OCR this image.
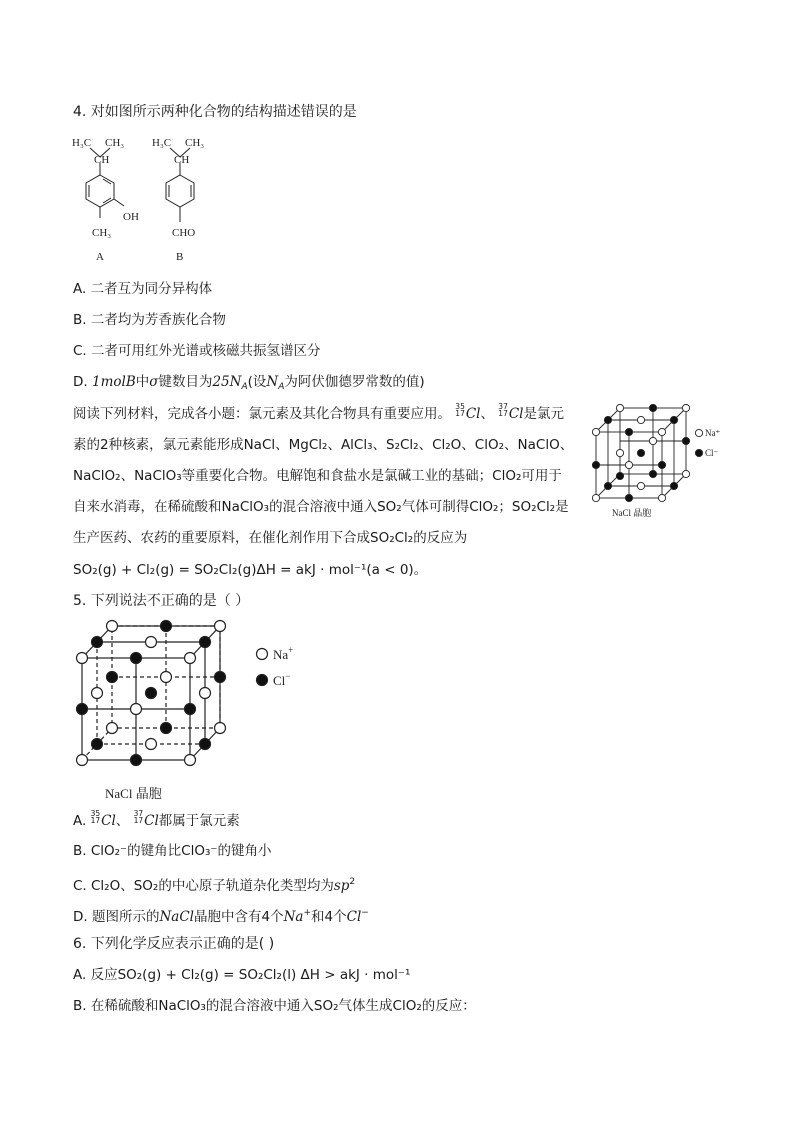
4. 对如图所示两种化合物的结构描述错误的是
H₃C CH₃
CH
OH
CH₃
A
H₃C CH₃
CH
CHO
B
A. 二者互为同分异构体
B. 二者均为芳香族化合物
C. 二者可用红外光谱或核磁共振氢谱区分
D. 1molB中σ键数目为$25N_A$(设$N_A$为阿伏伽德罗常数的值)
阅读下列材料，完成各小题：氯元素及其化合物具有重要应用。 35
17Cl、 37
17Cl是氯元
素的2种核素，氯元素能形成NaCl、MgCl₂、AlCl₃、S₂Cl₂、Cl₂O、ClO₂、NaClO、
NaClO₂、NaClO₃等重要化合物。电解饱和食盐水是氯碱工业的基础；ClO₂可用于
自来水消毒，在稀硫酸和NaClO₃的混合溶液中通入SO₂气体可制得ClO₂；SO₂Cl₂是
生产医药、农药的重要原料，在催化剂作用下合成SO₂Cl₂的反应为
SO₂(g) + Cl₂(g) = SO₂Cl₂(g)ΔH = akJ · mol⁻¹(a < 0)。
Na⁺
Cl⁻
NaCl 晶胞
5. 下列说法不正确的是（ ）
Na+
Cl−
NaCl 晶胞
A. 35
17Cl、 37
17Cl都属于氯元素
B. ClO₂⁻的键角比ClO₃⁻的键角小
C. Cl₂O、SO₂的中心原子轨道杂化类型均为$sp^2$
D. 题图所示的NaCl晶胞中含有4个Na+和4个Cl−
6. 下列化学反应表示正确的是( )
A. 反应SO₂(g) + Cl₂(g) = SO₂Cl₂(l) ΔH > akJ · mol⁻¹
B. 在稀硫酸和NaClO₃的混合溶液中通入SO₂气体生成ClO₂的反应：
